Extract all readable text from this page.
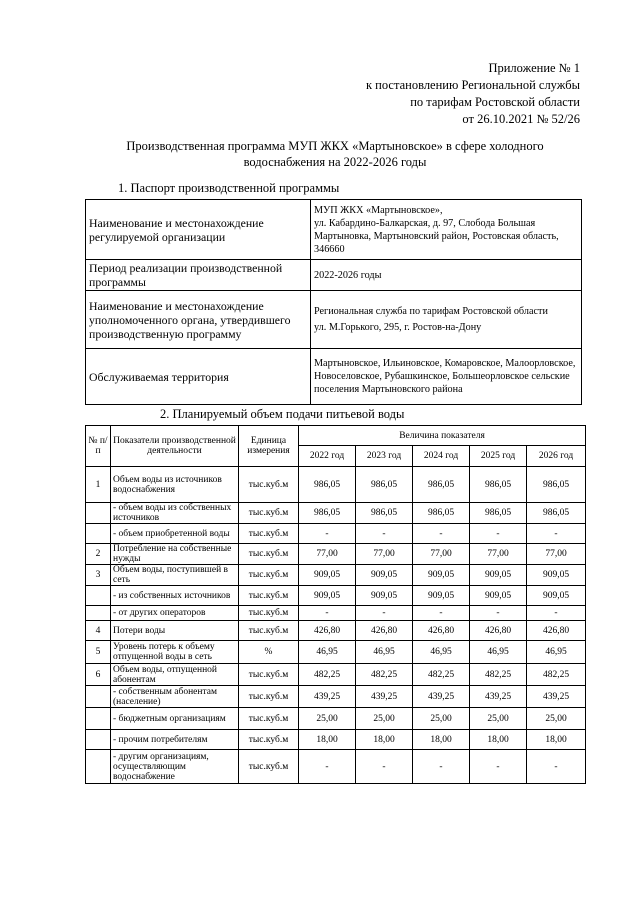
Приложение № 1
к постановлению Региональной службы
по тарифам Ростовской области
от 26.10.2021 № 52/26
Производственная программа МУП ЖКХ «Мартыновское» в сфере холодного
водоснабжения на 2022-2026 годы
1. Паспорт производственной программы
Наименование и местонахождение регулируемой организации	МУП ЖКХ «Мартыновское»,
ул. Кабардино-Балкарская, д. 97, Слобода Большая Мартыновка, Мартыновский район, Ростовская область, 346660

Период реализации производственной программы	2022-2026 годы

Наименование и местонахождение уполномоченного органа, утвердившего производственную программу	Региональная служба по тарифам Ростовской области
ул. М.Горького, 295, г. Ростов-на-Дону

Обслуживаемая территория	Мартыновское, Ильиновское, Комаровское, Малоорловское, Новоселовское, Рубашкинское, Большеорловское сельские поселения Мартыновского района
2. Планируемый объем подачи питьевой воды
№ п/п	Показатели производственной деятельности	Единица измерения	Величина показателя				
			2022 год	2023 год	2024 год	2025 год	2026 год
1	Объем воды из источников водоснабжения	тыс.куб.м	986,05	986,05	986,05	986,05	986,05
	- объем воды из собственных источников	тыс.куб.м	986,05	986,05	986,05	986,05	986,05
	- объем приобретенной воды	тыс.куб.м	-	-	-	-	-
2	Потребление на собственные нужды	тыс.куб.м	77,00	77,00	77,00	77,00	77,00
3	Объем воды, поступившей в сеть	тыс.куб.м	909,05	909,05	909,05	909,05	909,05
	- из собственных источников	тыс.куб.м	909,05	909,05	909,05	909,05	909,05
	- от других операторов	тыс.куб.м	-	-	-	-	-
4	Потери воды	тыс.куб.м	426,80	426,80	426,80	426,80	426,80
5	Уровень потерь к объему отпущенной воды в сеть	%	46,95	46,95	46,95	46,95	46,95
6	Объем воды, отпущенной абонентам	тыс.куб.м	482,25	482,25	482,25	482,25	482,25
	- собственным абонентам (население)	тыс.куб.м	439,25	439,25	439,25	439,25	439,25
	- бюджетным организациям	тыс.куб.м	25,00	25,00	25,00	25,00	25,00
	- прочим потребителям	тыс.куб.м	18,00	18,00	18,00	18,00	18,00
	- другим организациям, осуществляющим водоснабжение	тыс.куб.м	-	-	-	-	-
